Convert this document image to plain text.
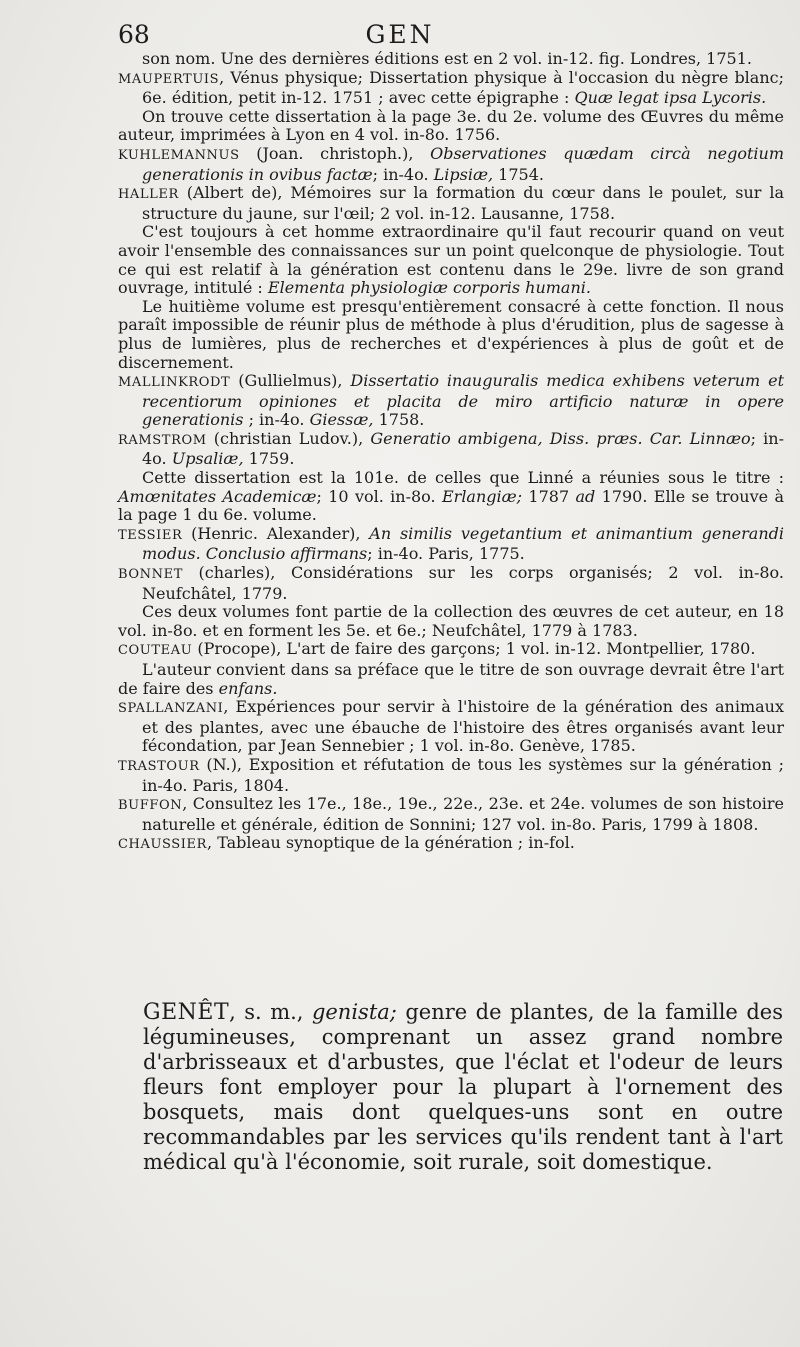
68	GEN
son nom. Une des dernières éditions est en 2 vol. in-12. fig. Londres, 1751.
MAUPERTUIS, Vénus physique; Dissertation physique à l'occasion du nègre blanc; 6e. édition, petit in-12. 1751 ; avec cette épigraphe : Quæ legat ipsa Lycoris.
On trouve cette dissertation à la page 3e. du 2e. volume des Œuvres du même auteur, imprimées à Lyon en 4 vol. in-8o. 1756.
KUHLEMANNUS (Joan. christoph.), Observationes quædam circà negotium generationis in ovibus factæ; in-4o. Lipsiæ, 1754.
HALLER (Albert de), Mémoires sur la formation du cœur dans le poulet, sur la structure du jaune, sur l'œil; 2 vol. in-12. Lausanne, 1758.
C'est toujours à cet homme extraordinaire qu'il faut recourir quand on veut avoir l'ensemble des connaissances sur un point quelconque de physiologie. Tout ce qui est relatif à la génération est contenu dans le 29e. livre de son grand ouvrage, intitulé : Elementa physiologiæ corporis humani.
Le huitième volume est presqu'entièrement consacré à cette fonction. Il nous paraît impossible de réunir plus de méthode à plus d'érudition, plus de sagesse à plus de lumières, plus de recherches et d'expériences à plus de goût et de discernement.
MALLINKRODT (Gullielmus), Dissertatio inauguralis medica exhibens veterum et recentiorum opiniones et placita de miro artificio naturæ in opere generationis ; in-4o. Giessæ, 1758.
RAMSTROM (christian Ludov.), Generatio ambigena, Diss. præs. Car. Linnæo; in-4o. Upsaliæ, 1759.
Cette dissertation est la 101e. de celles que Linné a réunies sous le titre : Amœnitates Academicæ; 10 vol. in-8o. Erlangiæ; 1787 ad 1790. Elle se trouve à la page 1 du 6e. volume.
TESSIER (Henric. Alexander), An similis vegetantium et animantium generandi modus. Conclusio affirmans; in-4o. Paris, 1775.
BONNET (charles), Considérations sur les corps organisés; 2 vol. in-8o. Neufchâtel, 1779.
Ces deux volumes font partie de la collection des œuvres de cet auteur, en 18 vol. in-8o. et en forment les 5e. et 6e.; Neufchâtel, 1779 à 1783.
COUTEAU (Procope), L'art de faire des garçons; 1 vol. in-12. Montpellier, 1780.
L'auteur convient dans sa préface que le titre de son ouvrage devrait être l'art de faire des enfans.
SPALLANZANI, Expériences pour servir à l'histoire de la génération des animaux et des plantes, avec une ébauche de l'histoire des êtres organisés avant leur fécondation, par Jean Sennebier ; 1 vol. in-8o. Genève, 1785.
TRASTOUR (N.), Exposition et réfutation de tous les systèmes sur la génération ; in-4o. Paris, 1804.
BUFFON, Consultez les 17e., 18e., 19e., 22e., 23e. et 24e. volumes de son histoire naturelle et générale, édition de Sonnini; 127 vol. in-8o. Paris, 1799 à 1808.
CHAUSSIER, Tableau synoptique de la génération ; in-fol.
GENÊT, s. m., genista; genre de plantes, de la famille des légumineuses, comprenant un assez grand nombre d'arbrisseaux et d'arbustes, que l'éclat et l'odeur de leurs fleurs font employer pour la plupart à l'ornement des bosquets, mais dont quelques-uns sont en outre recommandables par les services qu'ils rendent tant à l'art médical qu'à l'économie, soit rurale, soit domestique.
